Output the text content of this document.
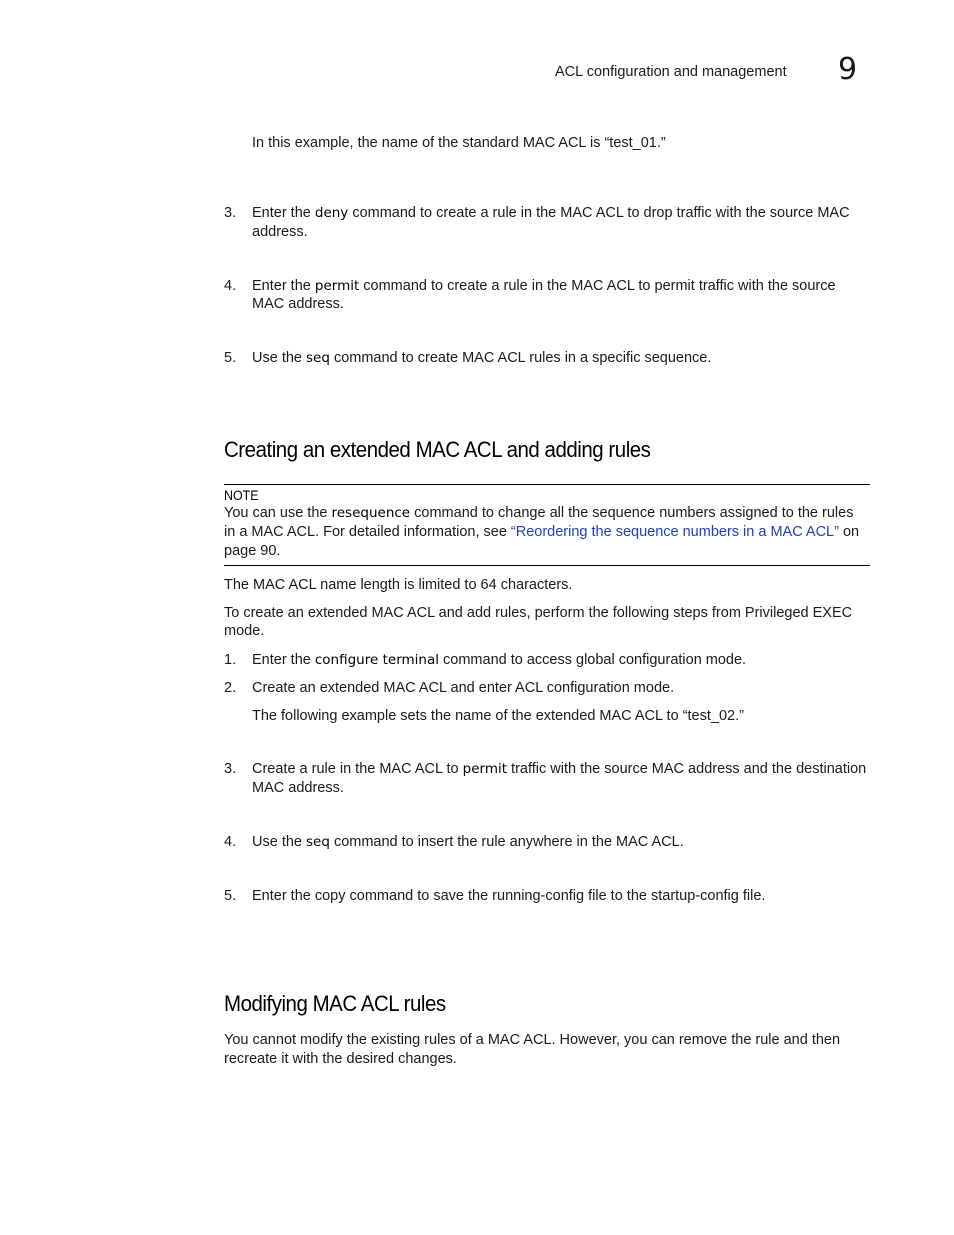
ACL configuration and management 9
In this example, the name of the standard MAC ACL is “test_01.”
3. Enter the deny command to create a rule in the MAC ACL to drop traffic with the source MAC
address.
4. Enter the permit command to create a rule in the MAC ACL to permit traffic with the source
MAC address.
5. Use the seq command to create MAC ACL rules in a specific sequence.
Creating an extended MAC ACL and adding rules
NOTE
You can use the resequence command to change all the sequence numbers assigned to the rules
in a MAC ACL. For detailed information, see “Reordering the sequence numbers in a MAC ACL” on
page 90.
The MAC ACL name length is limited to 64 characters.
To create an extended MAC ACL and add rules, perform the following steps from Privileged EXEC
mode.
1. Enter the configure terminal command to access global configuration mode.
2. Create an extended MAC ACL and enter ACL configuration mode.
The following example sets the name of the extended MAC ACL to “test_02.”
3. Create a rule in the MAC ACL to permit traffic with the source MAC address and the destination
MAC address.
4. Use the seq command to insert the rule anywhere in the MAC ACL.
5. Enter the copy command to save the running-config file to the startup-config file.
Modifying MAC ACL rules
You cannot modify the existing rules of a MAC ACL. However, you can remove the rule and then
recreate it with the desired changes.
